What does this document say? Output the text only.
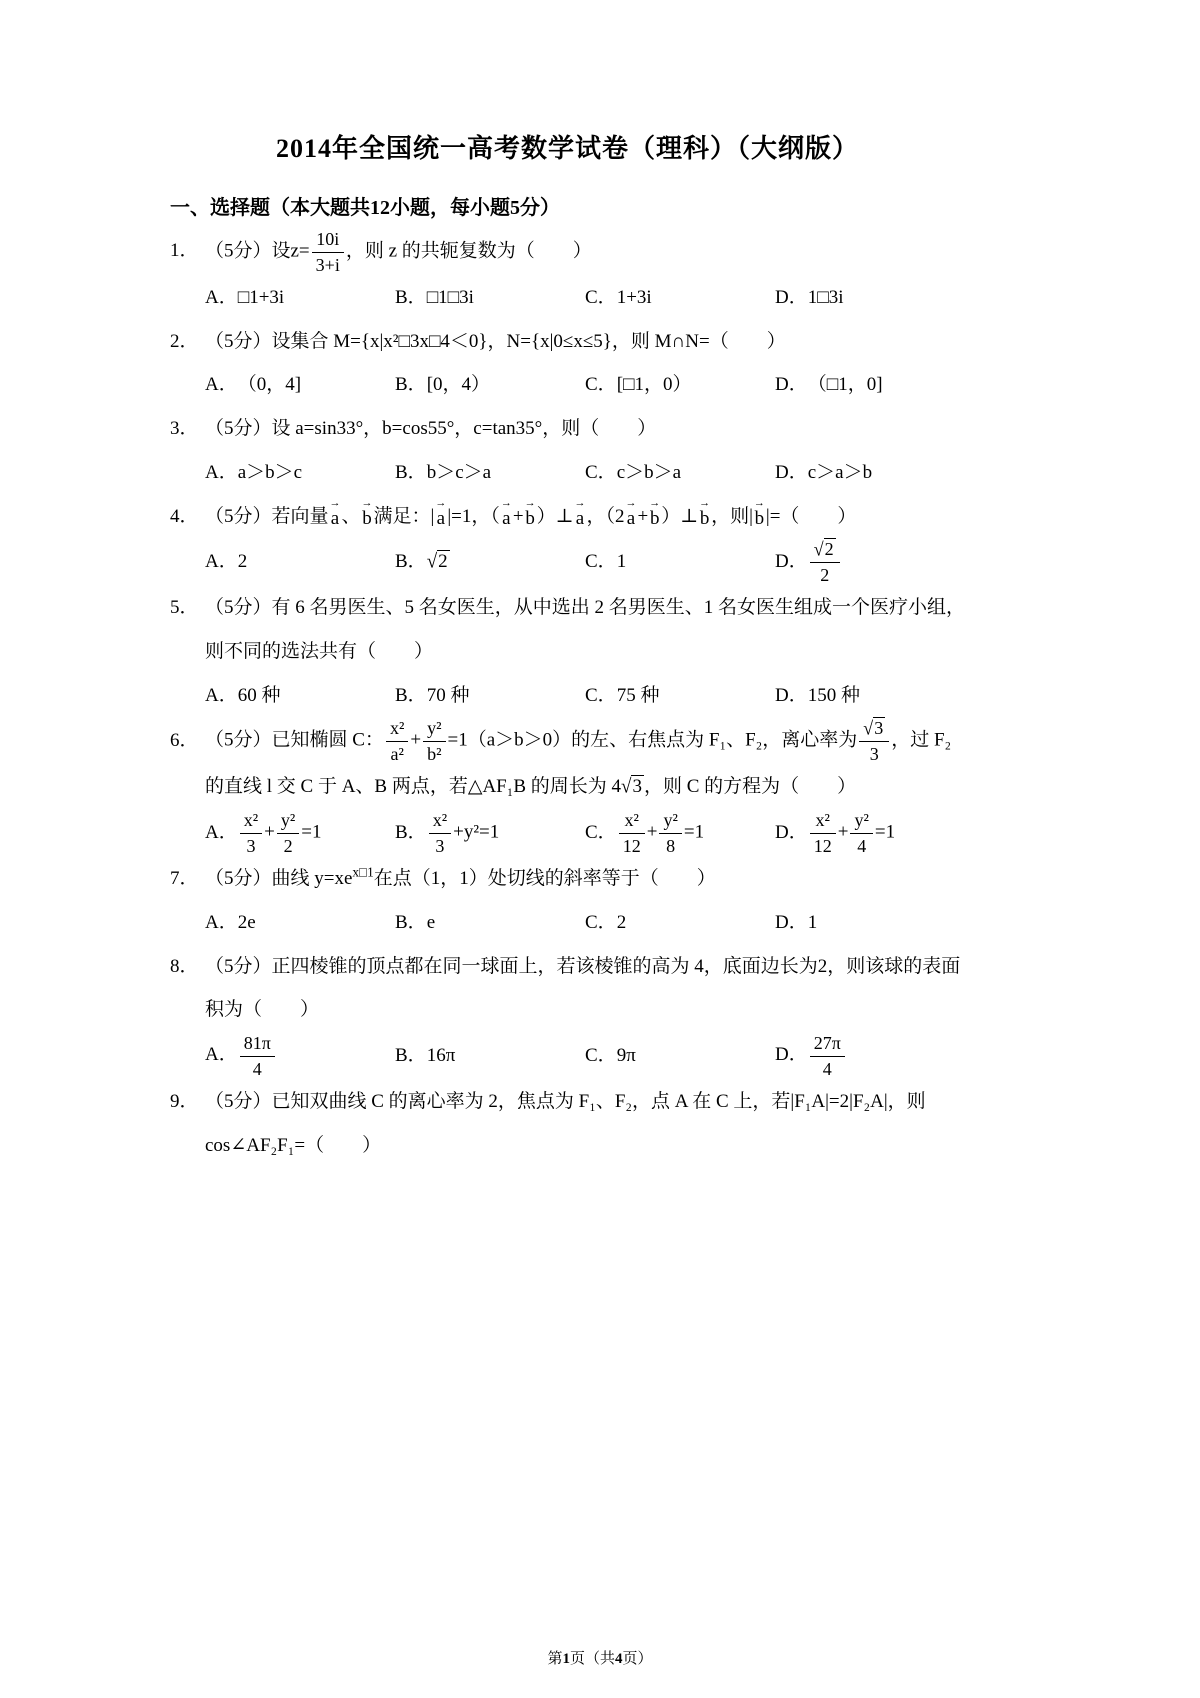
2014年全国统一高考数学试卷（理科）（大纲版）
一、选择题（本大题共12小题，每小题5分）

1． （5分）设$z= \frac{10i}{3+i}$ ，则 z 的共轭复数为（　　）

A．□1+3i	B．□1□3i	C．1+3i	D．1□3i

2． （5分）设集合 M={x|x²□3x□4＜0}，N={x|0≤x≤5}，则 M∩N=（　　）

A．（0，4]	B．[0，4）	C．[□1，0）	D．（□1，0]

3． （5分）设 a=sin33°，b=cos55°，c=tan35°，则（　　）

A．a＞b＞c	B．b＞c＞a	C．c＞b＞a	D．c＞a＞b

4． （5分）若向量
→
a 、
→
b 满足：|
→
a |=1，（
→
a +
→
b ）⊥
→
a ，（2
→
a +
→
b ）⊥
→
b ，则|
→
b |=（　　）

A．2	B．√2	C．1	D． $\frac{√2}{2}$

5． （5分）有 6 名男医生、5 名女医生，从中选出 2 名男医生、1 名女医生组成一个医疗小组，则不同的选法共有（　　）

A．60 种	B．70 种	C．75 种	D．150 种

6． （5分）已知椭圆 C： $\frac{\text{x²}}{\text{a²}} + \frac{\text{y²}}{\text{b²}} =1(a>b>0)$的左、右焦点为 F₁、F₂，离心率为 $\frac{√3}{3}$ ，过 F₂ 的直线 l 交 C 于 A、B 两点，若△AF₁B 的周长为 4√3 ，则 C 的方程为（　　）

A． $\frac{\text{x²}}{3} + \frac{\text{y²}}{2} =1$	B． $\frac{\text{x²}}{3} +y^2=1$	C． $\frac{\text{x²}}{12} + \frac{\text{y²}}{8} =1$	D． $\frac{\text{x²}}{12} + \frac{\text{y²}}{4} =1$

7． （5分）曲线 $y=xe^{x□1}$在点（1，1）处切线的斜率等于（　　）

A．2e	B．e	C．2	D．1

8． （5分）正四棱锥的顶点都在同一球面上，若该棱锥的高为 4，底面边长为2，则该球的表面积为（　　）

A． $\frac{81\pi}{4}$	B．16π	C．9π	D． $\frac{27\pi}{4}$

9． （5分）已知双曲线 C 的离心率为 2，焦点为 F₁、F₂，点 A 在 C 上，若|F₁A|=2|F₂A|，则 cos∠AF₂F₁=（　　）

第1页（共4页）
